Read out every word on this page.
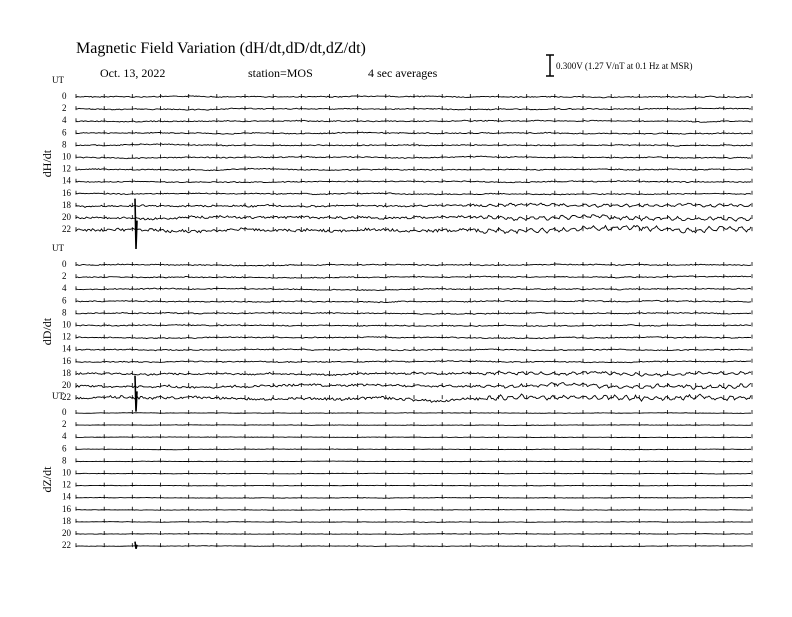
Magnetic Field Variation (dH/dt,dD/dt,dZ/dt)
Oct. 13, 2022	station=MOS	4 sec averages	0.300V (1.27 V/nT at 0.1 Hz at MSR)
UT
dH/dt
0
2
4
6
8
10
12
14
16
18
20
22
UT
dD/dt
0
2
4
6
8
10
12
14
16
18
20
22
UT
dZ/dt
0
2
4
6
8
10
12
14
16
18
20
22
